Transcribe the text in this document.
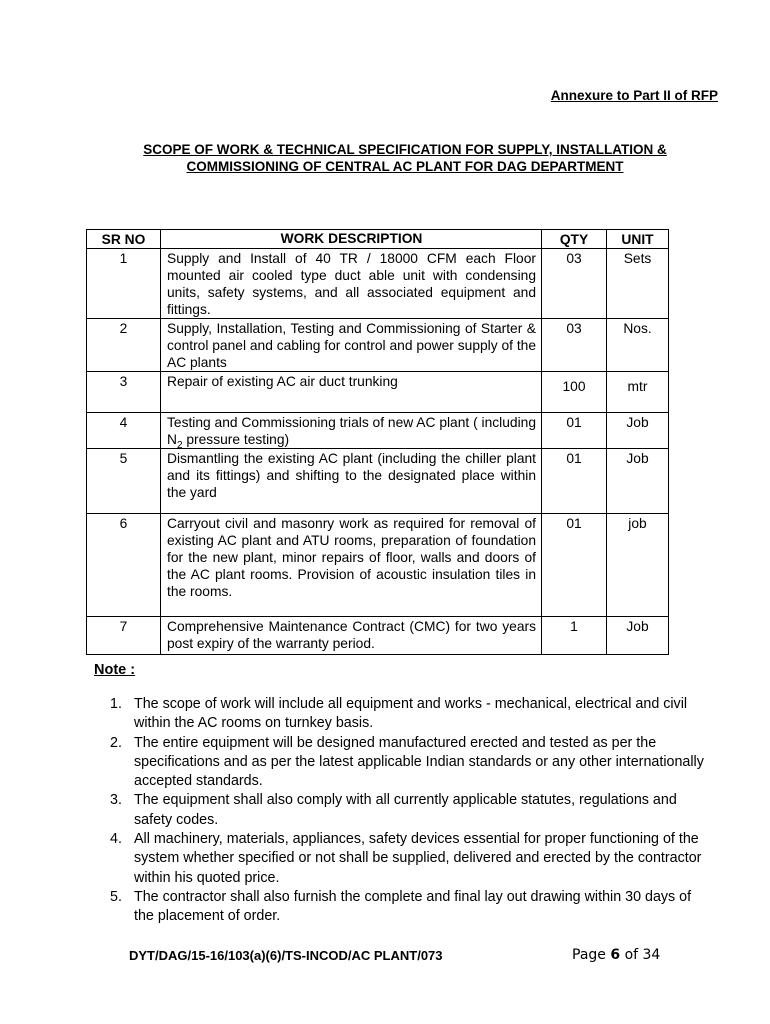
Annexure to Part II of RFP
SCOPE OF WORK & TECHNICAL SPECIFICATION FOR SUPPLY, INSTALLATION &
COMMISSIONING OF CENTRAL AC PLANT FOR DAG DEPARTMENT
SR NO	WORK DESCRIPTION	QTY	UNIT
1	Supply and Install of 40 TR / 18000 CFM each Floor mounted air cooled type duct able unit with condensing units, safety systems, and all associated equipment and fittings.	03	Sets
2	Supply, Installation, Testing and Commissioning of Starter & control panel and cabling for control and power supply of the AC plants	03	Nos.
3	Repair of existing AC air duct trunking	100	mtr
4	Testing and Commissioning trials of new AC plant ( including $N_2$ pressure testing)	01	Job
5	Dismantling the existing AC plant (including the chiller plant and its fittings) and shifting to the designated place within the yard	01	Job
6	Carryout civil and masonry work as required for removal of existing AC plant and ATU rooms, preparation of foundation for the new plant, minor repairs of floor, walls and doors of the AC plant rooms. Provision of acoustic insulation tiles in the rooms.	01	job
7	Comprehensive Maintenance Contract (CMC) for two years post expiry of the warranty period.	1	Job
Note :
1. The scope of work will include all equipment and works - mechanical, electrical and civil within the AC rooms on turnkey basis.
2. The entire equipment will be designed manufactured erected and tested as per the specifications and as per the latest applicable Indian standards or any other internationally accepted standards.
3. The equipment shall also comply with all currently applicable statutes, regulations and safety codes.
4. All machinery, materials, appliances, safety devices essential for proper functioning of the system whether specified or not shall be supplied, delivered and erected by the contractor within his quoted price.
5. The contractor shall also furnish the complete and final lay out drawing within 30 days of the placement of order.
DYT/DAG/15-16/103(a)(6)/TS-INCOD/AC PLANT/073	Page 6 of 34
